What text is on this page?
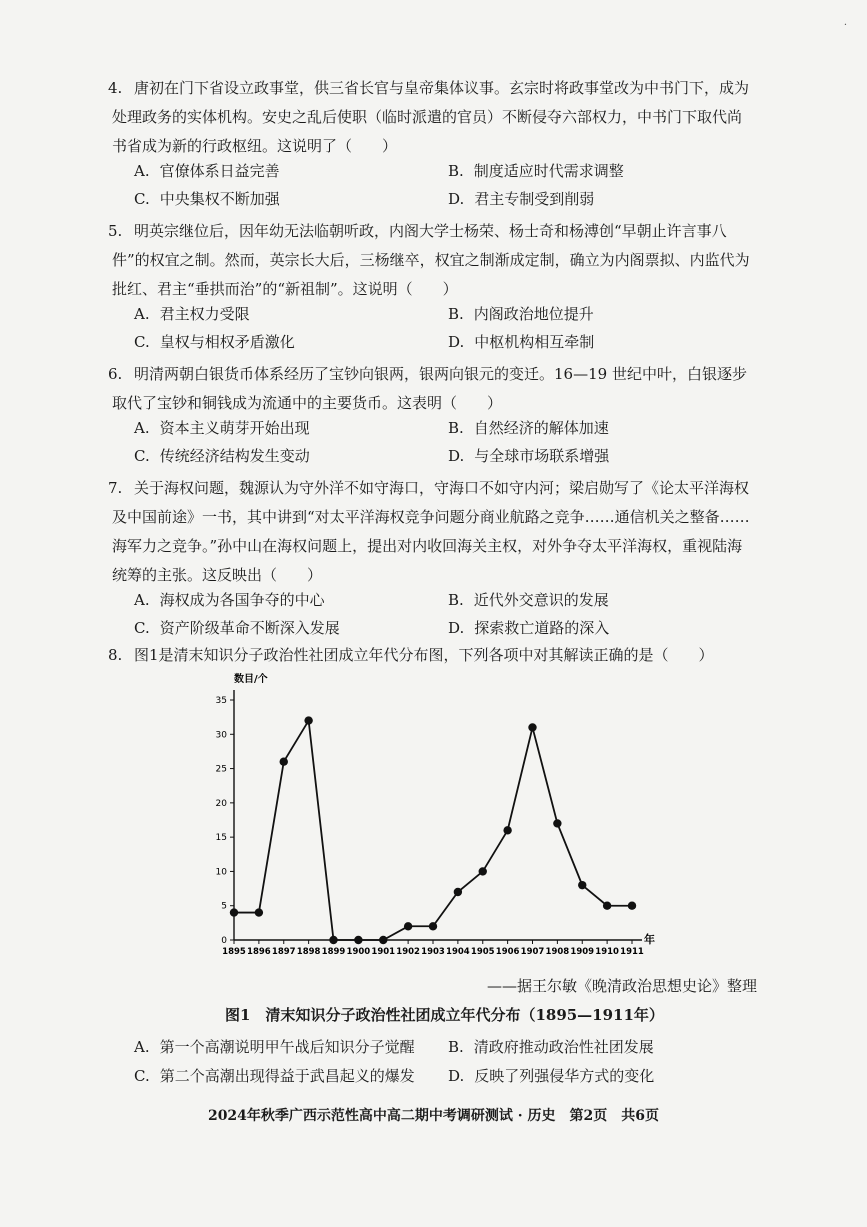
·
4. 唐初在门下省设立政事堂，供三省长官与皇帝集体议事。玄宗时将政事堂改为中书门下，成为处理政务的实体机构。安史之乱后使职（临时派遣的官员）不断侵夺六部权力，中书门下取代尚书省成为新的行政枢纽。这说明了（　　）
A. 官僚体系日益完善	B. 制度适应时代需求调整
C. 中央集权不断加强	D. 君主专制受到削弱
5. 明英宗继位后，因年幼无法临朝听政，内阁大学士杨荣、杨士奇和杨溥创“早朝止许言事八件”的权宜之制。然而，英宗长大后，三杨继卒，权宜之制渐成定制，确立为内阁票拟、内监代为批红、君主“垂拱而治”的“新祖制”。这说明（　　）
A. 君主权力受限	B. 内阁政治地位提升
C. 皇权与相权矛盾激化	D. 中枢机构相互牵制
6. 明清两朝白银货币体系经历了宝钞向银两，银两向银元的变迁。16—19 世纪中叶，白银逐步取代了宝钞和铜钱成为流通中的主要货币。这表明（　　）
A. 资本主义萌芽开始出现	B. 自然经济的解体加速
C. 传统经济结构发生变动	D. 与全球市场联系增强
7. 关于海权问题，魏源认为守外洋不如守海口，守海口不如守内河；梁启勋写了《论太平洋海权及中国前途》一书，其中讲到“对太平洋海权竞争问题分商业航路之竞争……通信机关之整备……海军力之竞争。”孙中山在海权问题上，提出对内收回海关主权，对外争夺太平洋海权，重视陆海统筹的主张。这反映出（　　）
A. 海权成为各国争夺的中心	B. 近代外交意识的发展
C. 资产阶级革命不断深入发展	D. 探索救亡道路的深入
8. 图1是清末知识分子政治性社团成立年代分布图，下列各项中对其解读正确的是（　　）
0
5
10
15
20
25
30
35
1895 1896 1897 1898 1899 1900 1901 1902 1903 1904 1905 1906 1907 1908 1909 1910 1911
数目/个
年
——据王尔敏《晚清政治思想史论》整理
图1　清末知识分子政治性社团成立年代分布（1895—1911年）
A. 第一个高潮说明甲午战后知识分子觉醒 B. 清政府推动政治性社团发展
C. 第二个高潮出现得益于武昌起义的爆发 D. 反映了列强侵华方式的变化
2024年秋季广西示范性高中高二期中考调研测试 · 历史　第2页　共6页
